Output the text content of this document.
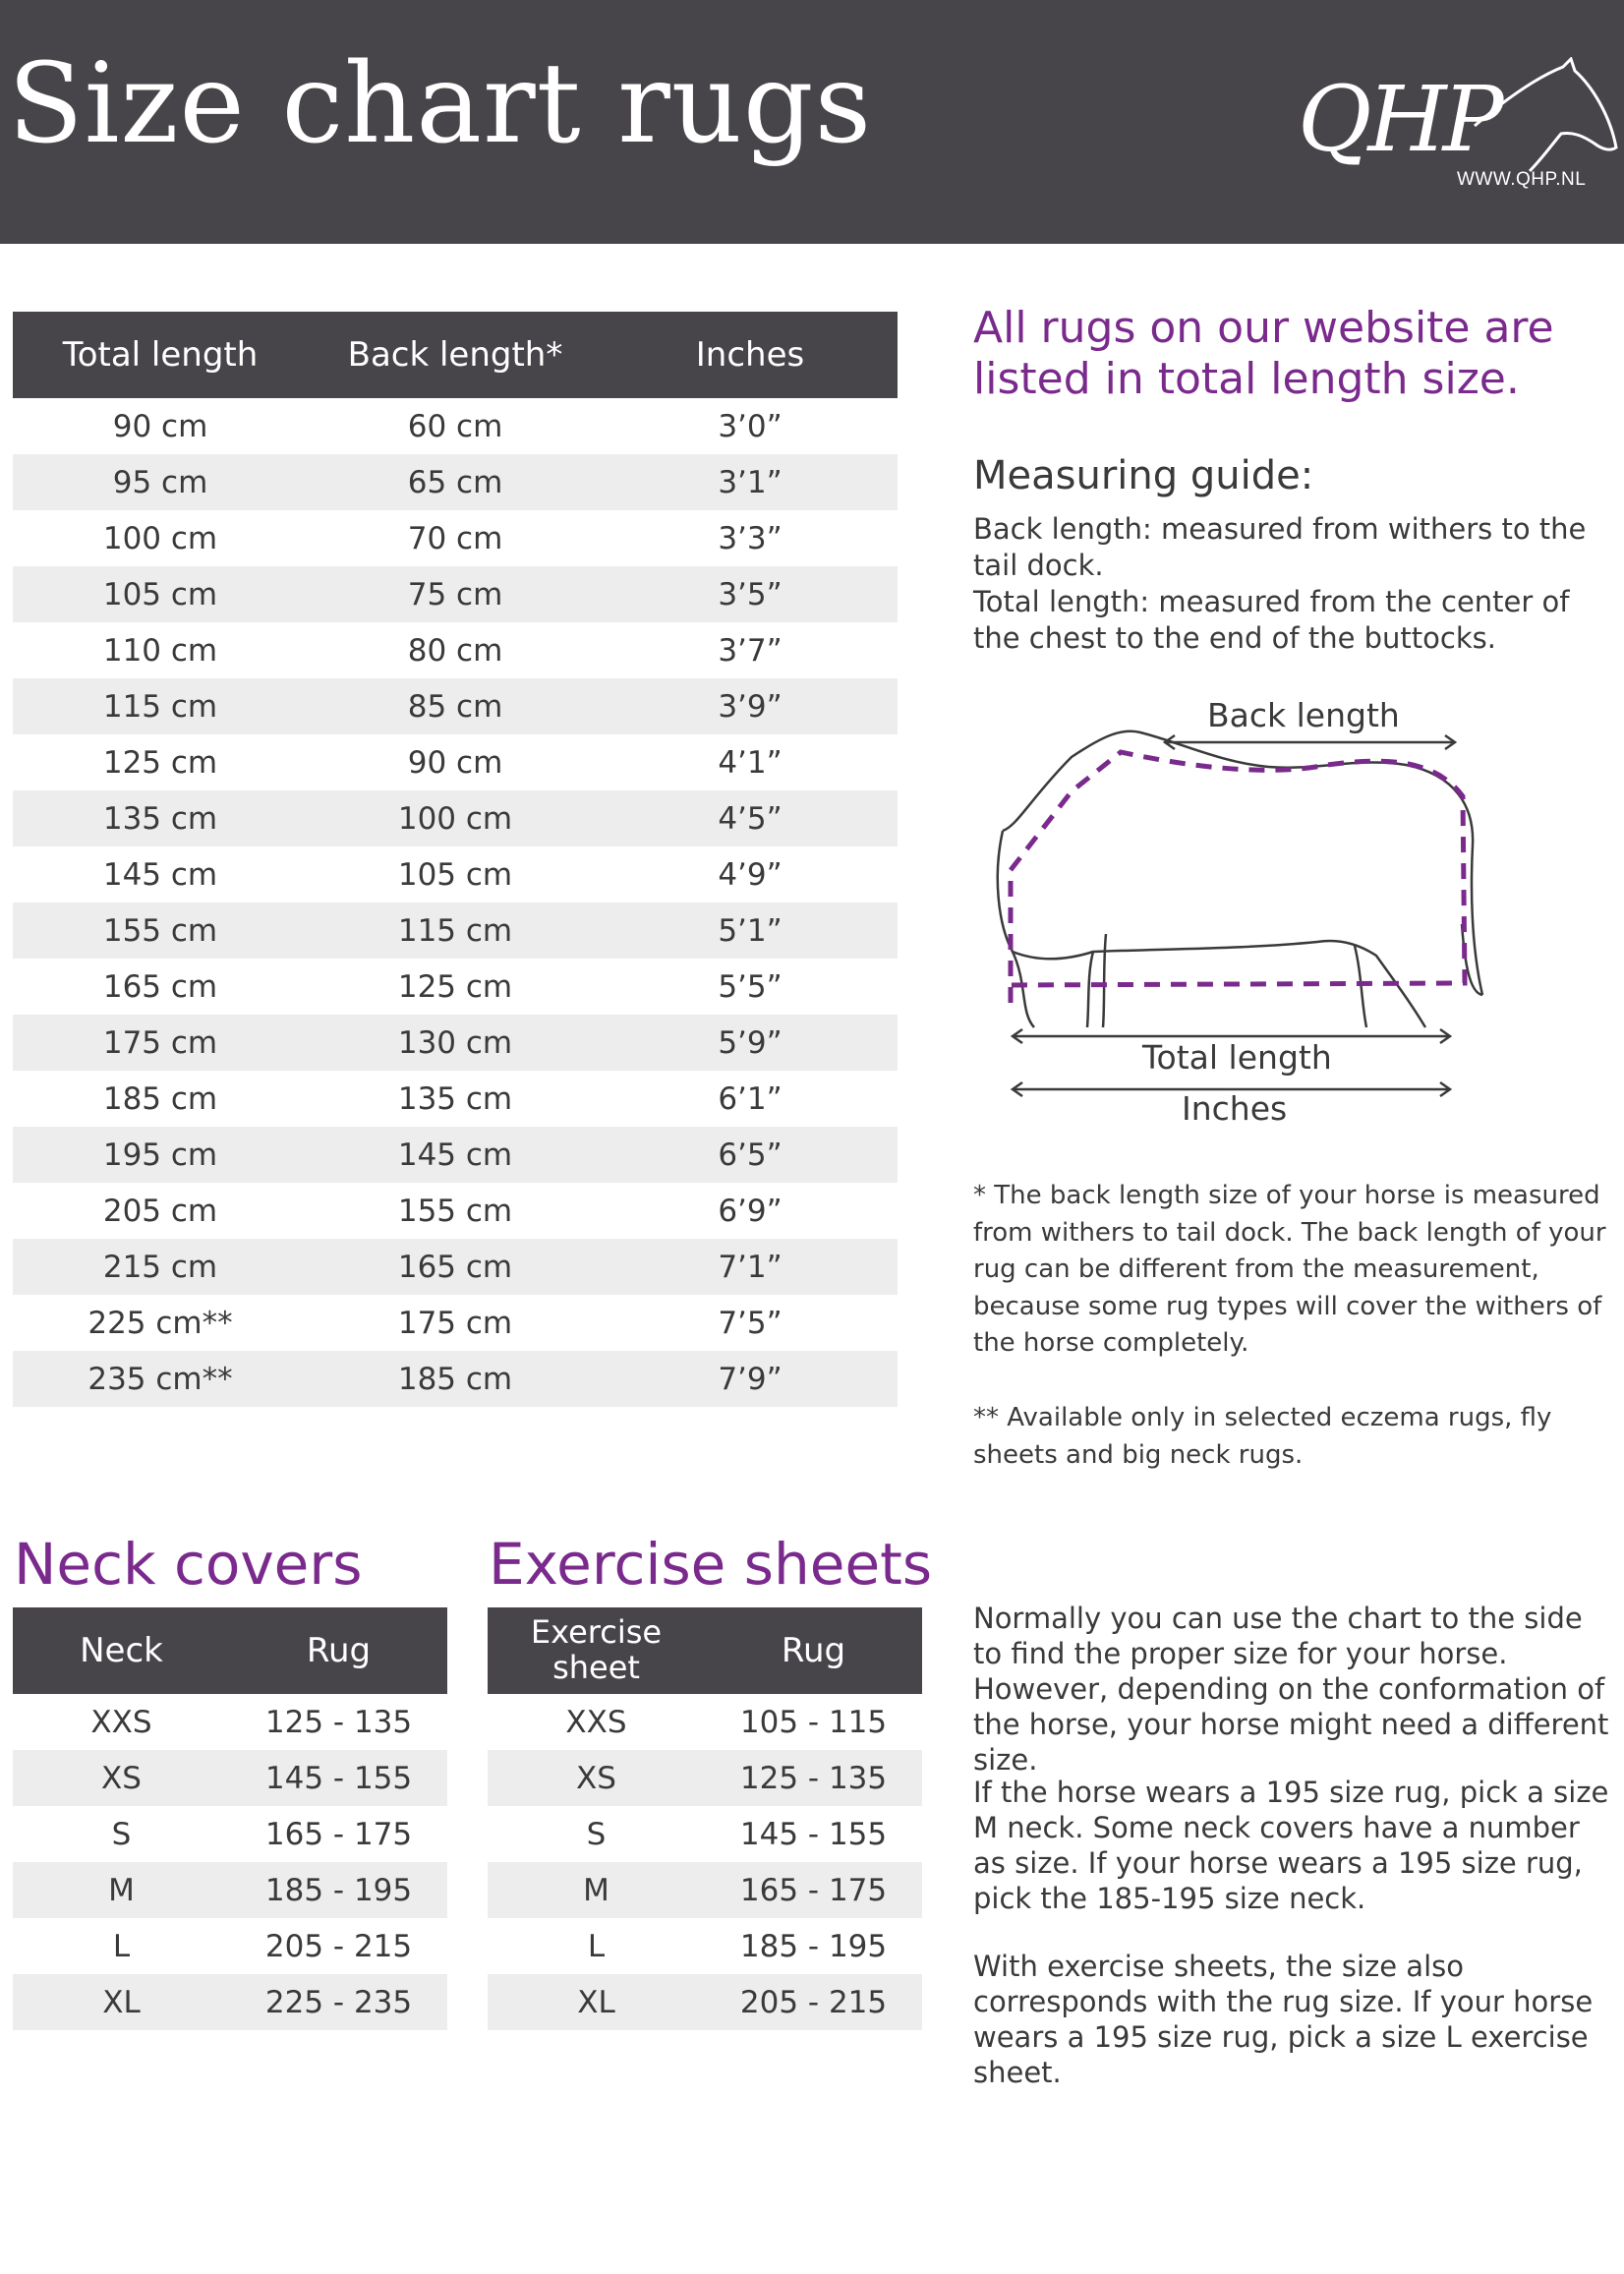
Size chart rugs	QHP
WWW.QHP.NL
Total length	Back length*	Inches
90 cm	60 cm	3’0”
95 cm	65 cm	3’1”
100 cm	70 cm	3’3”
105 cm	75 cm	3’5”
110 cm	80 cm	3’7”
115 cm	85 cm	3’9”
125 cm	90 cm	4’1”
135 cm	100 cm	4’5”
145 cm	105 cm	4’9”
155 cm	115 cm	5’1”
165 cm	125 cm	5’5”
175 cm	130 cm	5’9”
185 cm	135 cm	6’1”
195 cm	145 cm	6’5”
205 cm	155 cm	6’9”
215 cm	165 cm	7’1”
225 cm**	175 cm	7’5”
235 cm**	185 cm	7’9”
All rugs on our website are listed in total length size.
Measuring guide:

Back length: measured from withers to the tail dock.

Total length: measured from the center of the chest to the end of the buttocks.

Back length
Total length
Inches

* The back length size of your horse is measured from withers to tail dock. The back length of your rug can be different from the measurement, because some rug types will cover the withers of the horse completely.

** Available only in selected eczema rugs, fly sheets and big neck rugs.

Neck covers Exercise sheets
Neck	Rug
XXS	125 - 135
XS	145 - 155
S	165 - 175
M	185 - 195
L	205 - 215
XL	225 - 235
Exercise sheet	Rug
XXS	105 - 115
XS	125 - 135
S	145 - 155
M	165 - 175
L	185 - 195
XL	205 - 215

Normally you can use the chart to the side to find the proper size for your horse. However, depending on the conformation of the horse, your horse might need a different size.

If the horse wears a 195 size rug, pick a size M neck. Some neck covers have a number as size. If your horse wears a 195 size rug, pick the 185-195 size neck.

With exercise sheets, the size also corresponds with the rug size. If your horse wears a 195 size rug, pick a size L exercise sheet.
